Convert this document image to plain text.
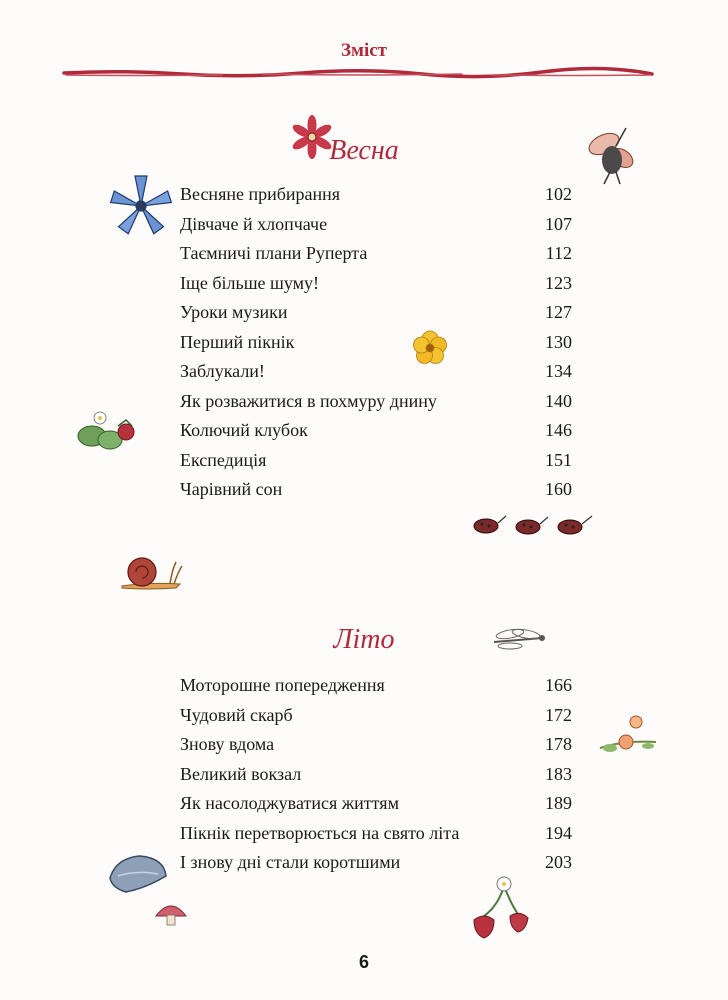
Зміст
Весна
Весняне прибирання	102
Дівчаче й хлопчаче	107
Таємничі плани Руперта	112
Іще більше шуму!	123
Уроки музики	127
Перший пікнік	130
Заблукали!	134
Як розважитися в похмуру днину	140
Колючий клубок	146
Експедиція	151
Чарівний сон	160
Літо
Моторошне попередження	166
Чудовий скарб	172
Знову вдома	178
Великий вокзал	183
Як насолоджуватися життям	189
Пікнік перетворюється на свято літа	194
І знову дні стали коротшими	203
6
